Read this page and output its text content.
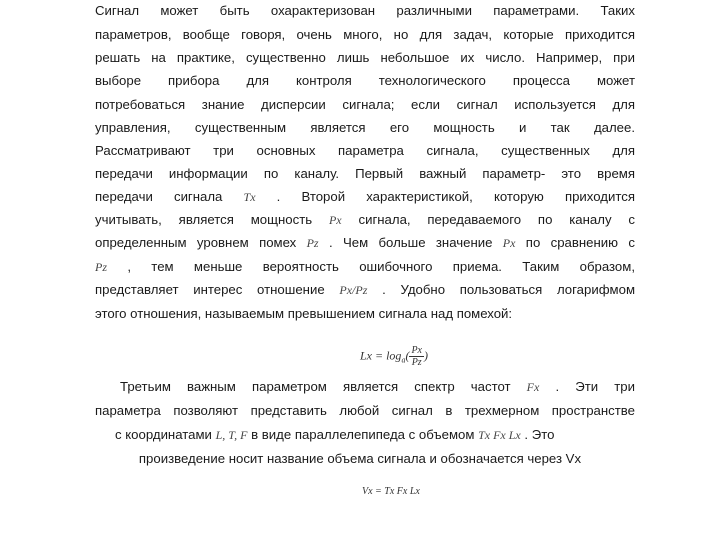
Сигнал может быть охарактеризован различными параметрами. Таких
параметров, вообще говоря, очень много, но для задач, которые приходится
решать на практике, существенно лишь небольшое их число. Например, при
выборе прибора для контроля технологического процесса может
потребоваться знание дисперсии сигнала; если сигнал используется для
управления, существенным является его мощность и так далее.
Рассматривают три основных параметра сигнала, существенных для
передачи информации по каналу. Первый важный параметр- это время
передачи сигнала Tx . Второй характеристикой, которую приходится
учитывать, является мощность Px сигнала, передаваемого по каналу с
определенным уровнем помех Pz . Чем больше значение Px по сравнению с
Pz , тем меньше вероятность ошибочного приема. Таким образом,
представляет интерес отношение Px/Pz . Удобно пользоваться логарифмом
этого отношения, называемым превышением сигнала над помехой:
$Lx = \log_a( \frac{Px}{Pz}$ )
Третьим важным параметром является спектр частот Fx . Эти три
параметра позволяют представить любой сигнал в трехмерном пространстве
с координатами L, T, F в виде параллелепипеда с объемом Tx Fx Lx . Это
произведение носит название объема сигнала и обозначается через Vx
Vx = Tx Fx Lx
